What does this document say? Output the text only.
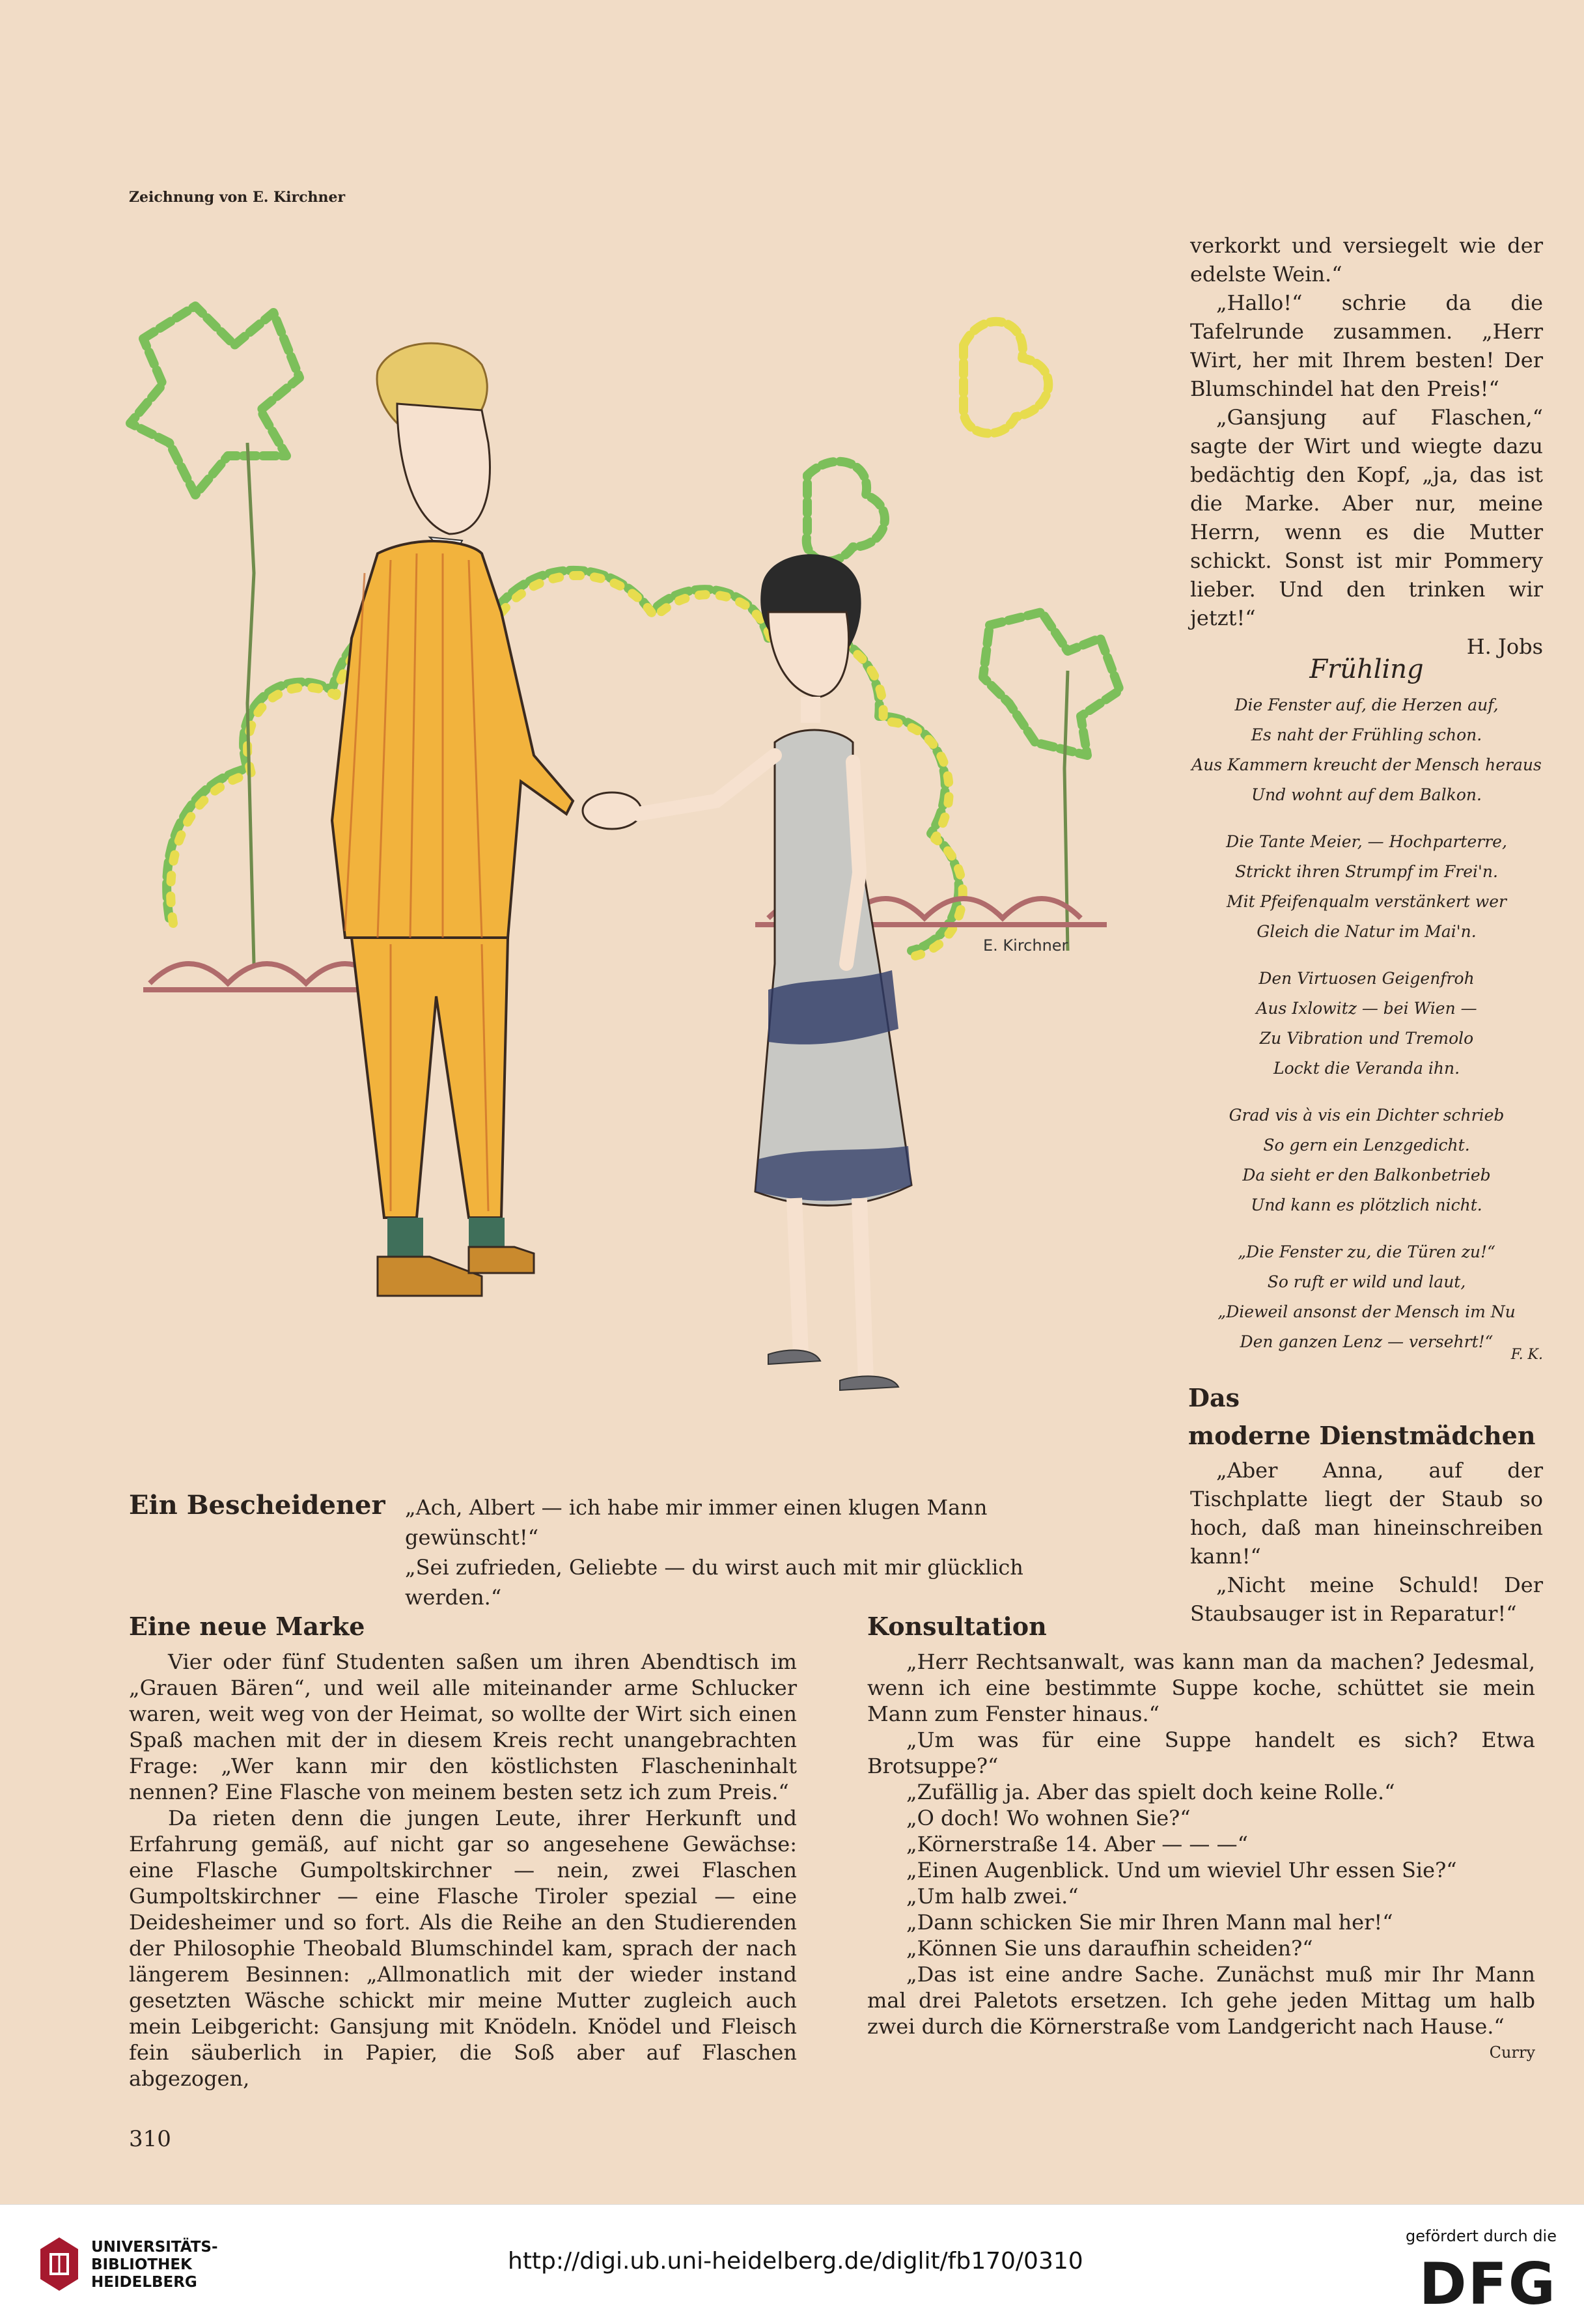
Zeichnung von E. Kirchner
E. Kirchner

verkorkt und versiegelt wie der edelste Wein.“

„Hallo!“ schrie da die Tafelrunde zusammen. „Herr Wirt, her mit Ihrem besten! Der Blumschindel hat den Preis!“

„Gansjung auf Flaschen,“ sagte der Wirt und wiegte dazu bedächtig den Kopf, „ja, das ist die Marke. Aber nur, meine Herrn, wenn es die Mutter schickt. Sonst ist mir Pommery lieber. Und den trinken wir jetzt!“

H. Jobs

Frühling
Die Fenster auf, die Herzen auf,
Es naht der Frühling schon.
Aus Kammern kreucht der Mensch heraus
Und wohnt auf dem Balkon.
Die Tante Meier, — Hochparterre,
Strickt ihren Strumpf im Frei'n.
Mit Pfeifenqualm verstänkert wer
Gleich die Natur im Mai'n.
Den Virtuosen Geigenfroh
Aus Ixlowitz — bei Wien —
Zu Vibration und Tremolo
Lockt die Veranda ihn.
Grad vis à vis ein Dichter schrieb
So gern ein Lenzgedicht.
Da sieht er den Balkonbetrieb
Und kann es plötzlich nicht.
„Die Fenster zu, die Türen zu!“
So ruft er wild und laut,
„Dieweil ansonst der Mensch im Nu
Den ganzen Lenz — versehrt!“
F. K.
Das
moderne Dienstmädchen

„Aber Anna, auf der Tischplatte liegt der Staub so hoch, daß man hineinschreiben kann!“

„Nicht meine Schuld! Der Staubsauger ist in Reparatur!“

Ein Bescheidener „Ach, Albert — ich habe mir immer einen klugen Mann gewünscht!“

„Sei zufrieden, Geliebte — du wirst auch mit mir glücklich werden.“

Eine neue Marke

Vier oder fünf Studenten saßen um ihren Abendtisch im „Grauen Bären“, und weil alle miteinander arme Schlucker waren, weit weg von der Heimat, so wollte der Wirt sich einen Spaß machen mit der in diesem Kreis recht unangebrachten Frage: „Wer kann mir den köstlichsten Flascheninhalt nennen? Eine Flasche von meinem besten setz ich zum Preis.“

Da rieten denn die jungen Leute, ihrer Herkunft und Erfahrung gemäß, auf nicht gar so angesehene Gewächse: eine Flasche Gumpoltskirchner — nein, zwei Flaschen Gumpoltskirchner — eine Flasche Tiroler spezial — eine Deidesheimer und so fort. Als die Reihe an den Studierenden der Philosophie Theobald Blumschindel kam, sprach der nach längerem Besinnen: „Allmonatlich mit der wieder instand gesetzten Wäsche schickt mir meine Mutter zugleich auch mein Leibgericht: Gansjung mit Knödeln. Knödel und Fleisch fein säuberlich in Papier, die Soß aber auf Flaschen abgezogen,

Konsultation

„Herr Rechtsanwalt, was kann man da machen? Jedesmal, wenn ich eine bestimmte Suppe koche, schüttet sie mein Mann zum Fenster hinaus.“

„Um was für eine Suppe handelt es sich? Etwa Brotsuppe?“

„Zufällig ja. Aber das spielt doch keine Rolle.“

„O doch! Wo wohnen Sie?“

„Körnerstraße 14. Aber — — —“

„Einen Augenblick. Und um wieviel Uhr essen Sie?“

„Um halb zwei.“

„Dann schicken Sie mir Ihren Mann mal her!“

„Können Sie uns daraufhin scheiden?“

„Das ist eine andre Sache. Zunächst muß mir Ihr Mann mal drei Paletots ersetzen. Ich gehe jeden Mittag um halb zwei durch die Körnerstraße vom Landgericht nach Hause.“

Curry
310
UNIVERSITÄTS-
BIBLIOTHEK
HEIDELBERG
http://digi.ub.uni-heidelberg.de/diglit/fb170/0310
gefördert durch die
DFG
